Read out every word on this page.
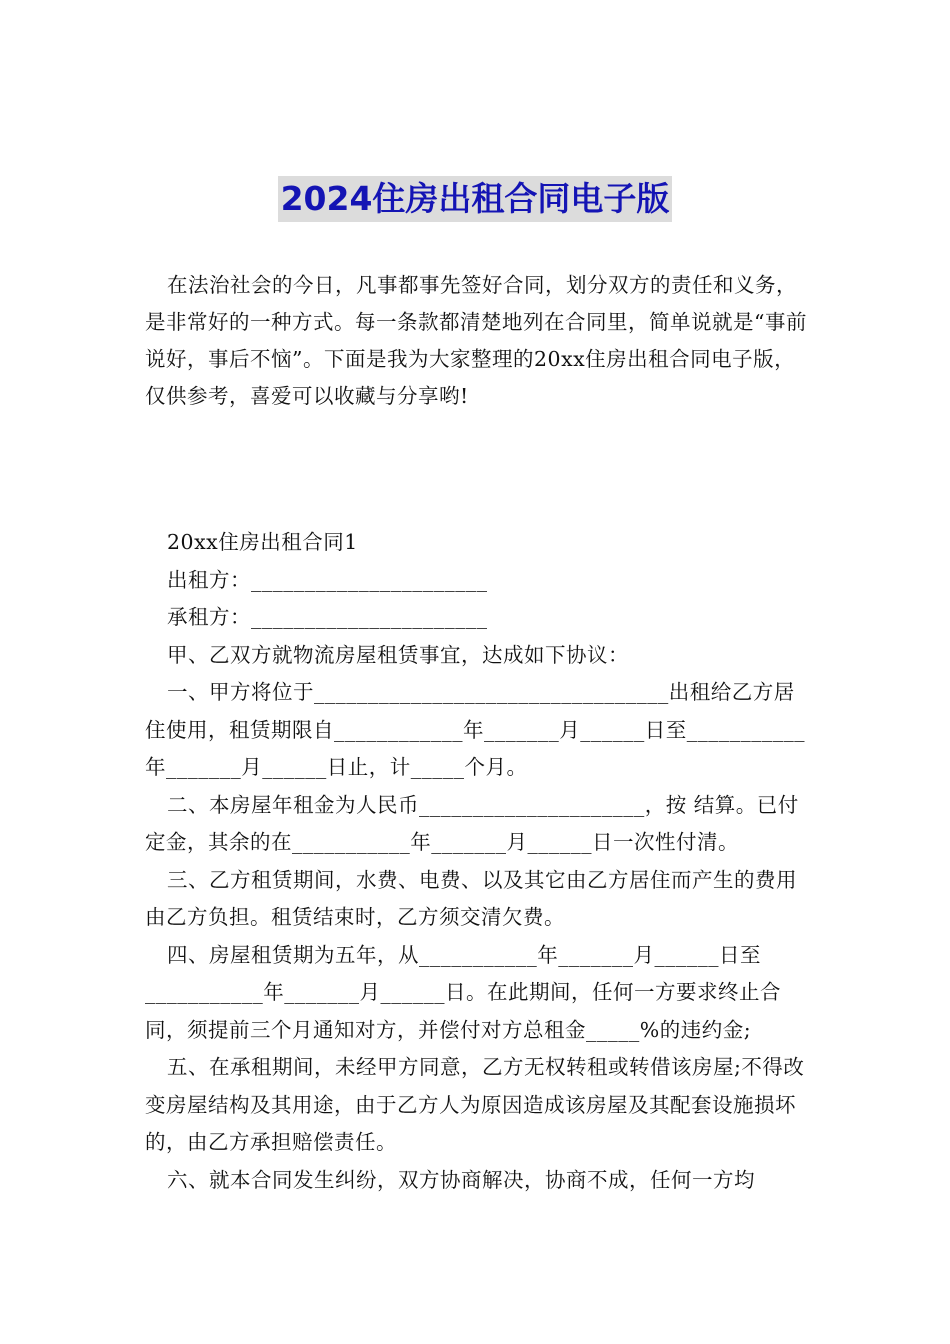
2024住房出租合同电子版

在法治社会的今日，凡事都事先签好合同，划分双方的责任和义务，是非常好的一种方式。每一条款都清楚地列在合同里，简单说就是“事前说好，事后不恼”。下面是我为大家整理的20xx住房出租合同电子版，仅供参考，喜爱可以收藏与分享哟!

20xx住房出租合同1

出租方：______________________

承租方：______________________

甲、乙双方就物流房屋租赁事宜，达成如下协议：

一、甲方将位于_________________________________出租给乙方居住使用，租赁期限自____________年_______月______日至___________年_______月______日止，计_____个月。

二、本房屋年租金为人民币_____________________，按 结算。已付定金，其余的在___________年_______月______日一次性付清。

三、乙方租赁期间，水费、电费、以及其它由乙方居住而产生的费用由乙方负担。租赁结束时，乙方须交清欠费。

四、房屋租赁期为五年，从___________年_______月______日至___________年_______月______日。在此期间，任何一方要求终止合同，须提前三个月通知对方，并偿付对方总租金_____%的违约金;

五、在承租期间，未经甲方同意，乙方无权转租或转借该房屋;不得改变房屋结构及其用途，由于乙方人为原因造成该房屋及其配套设施损坏的，由乙方承担赔偿责任。

六、就本合同发生纠纷，双方协商解决，协商不成，任何一方均
